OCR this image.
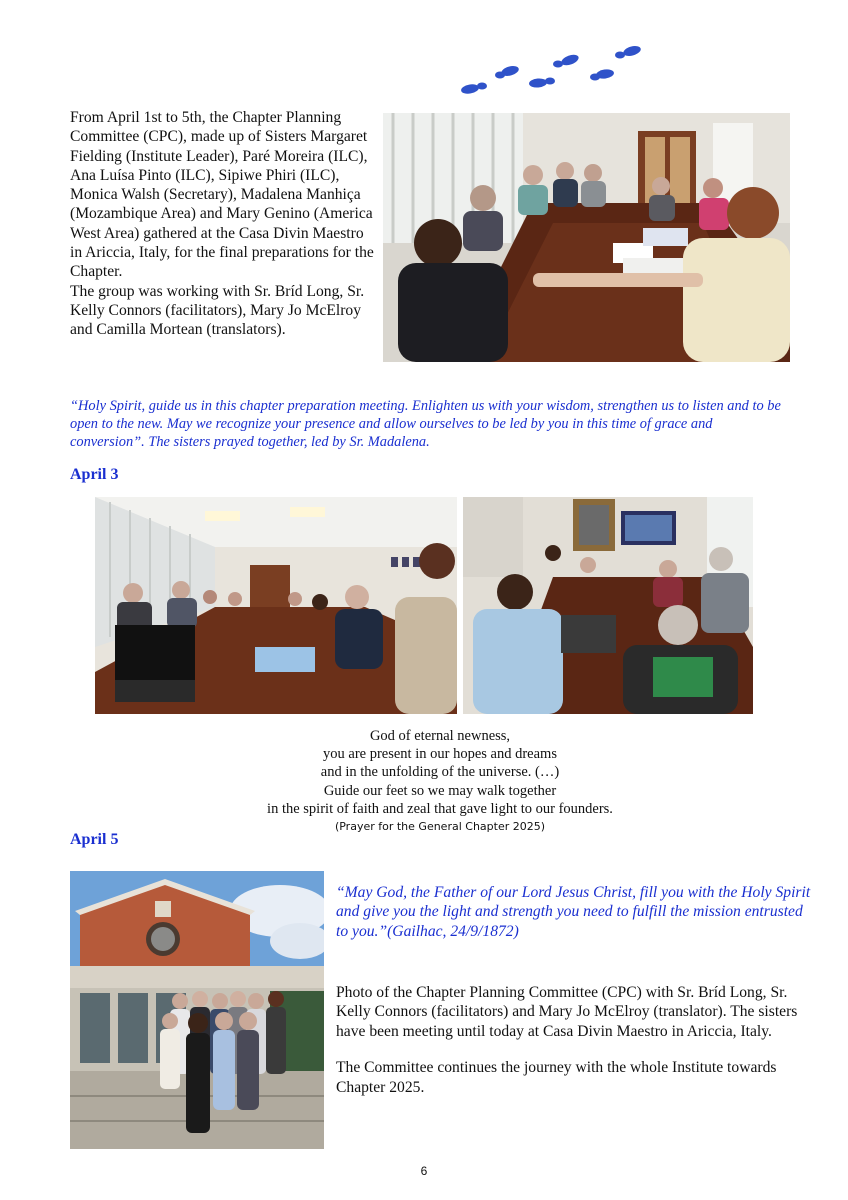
From April 1st to 5th, the Chapter Planning Committee (CPC), made up of Sisters Margaret Fielding (Institute Leader), Paré Moreira (ILC), Ana Luísa Pinto (ILC), Sipiwe Phiri (ILC), Monica Walsh (Secretary), Madalena Manhiça (Mozambique Area) and Mary Genino (America West Area) gathered at the Casa Divin Maestro in Ariccia, Italy, for the final preparations for the Chapter.

The group was working with Sr. Bríd Long, Sr. Kelly Connors (facilitators), Mary Jo McElroy and Camilla Mortean (translators).

“Holy Spirit, guide us in this chapter preparation meeting. Enlighten us with your wisdom, strengthen us to listen and to be open to the new. May we recognize your presence and allow ourselves to be led by you in this time of grace and conversion”. The sisters prayed together, led by Sr. Madalena.
April 3
God of eternal newness,
you are present in our hopes and dreams
and in the unfolding of the universe. (…)
Guide our feet so we may walk together
in the spirit of faith and zeal that gave light to our founders.
(Prayer for the General Chapter 2025)
April 5
“May God, the Father of our Lord Jesus Christ, fill you with the Holy Spirit and give you the light and strength you need to fulfill the mission entrusted to you.”(Gailhac, 24/9/1872)

Photo of the Chapter Planning Committee (CPC) with Sr. Bríd Long, Sr. Kelly Connors (facilitators) and Mary Jo McElroy (translator). The sisters have been meeting until today at Casa Divin Maestro in Ariccia, Italy.

The Committee continues the journey with the whole Institute towards Chapter 2025.

6
